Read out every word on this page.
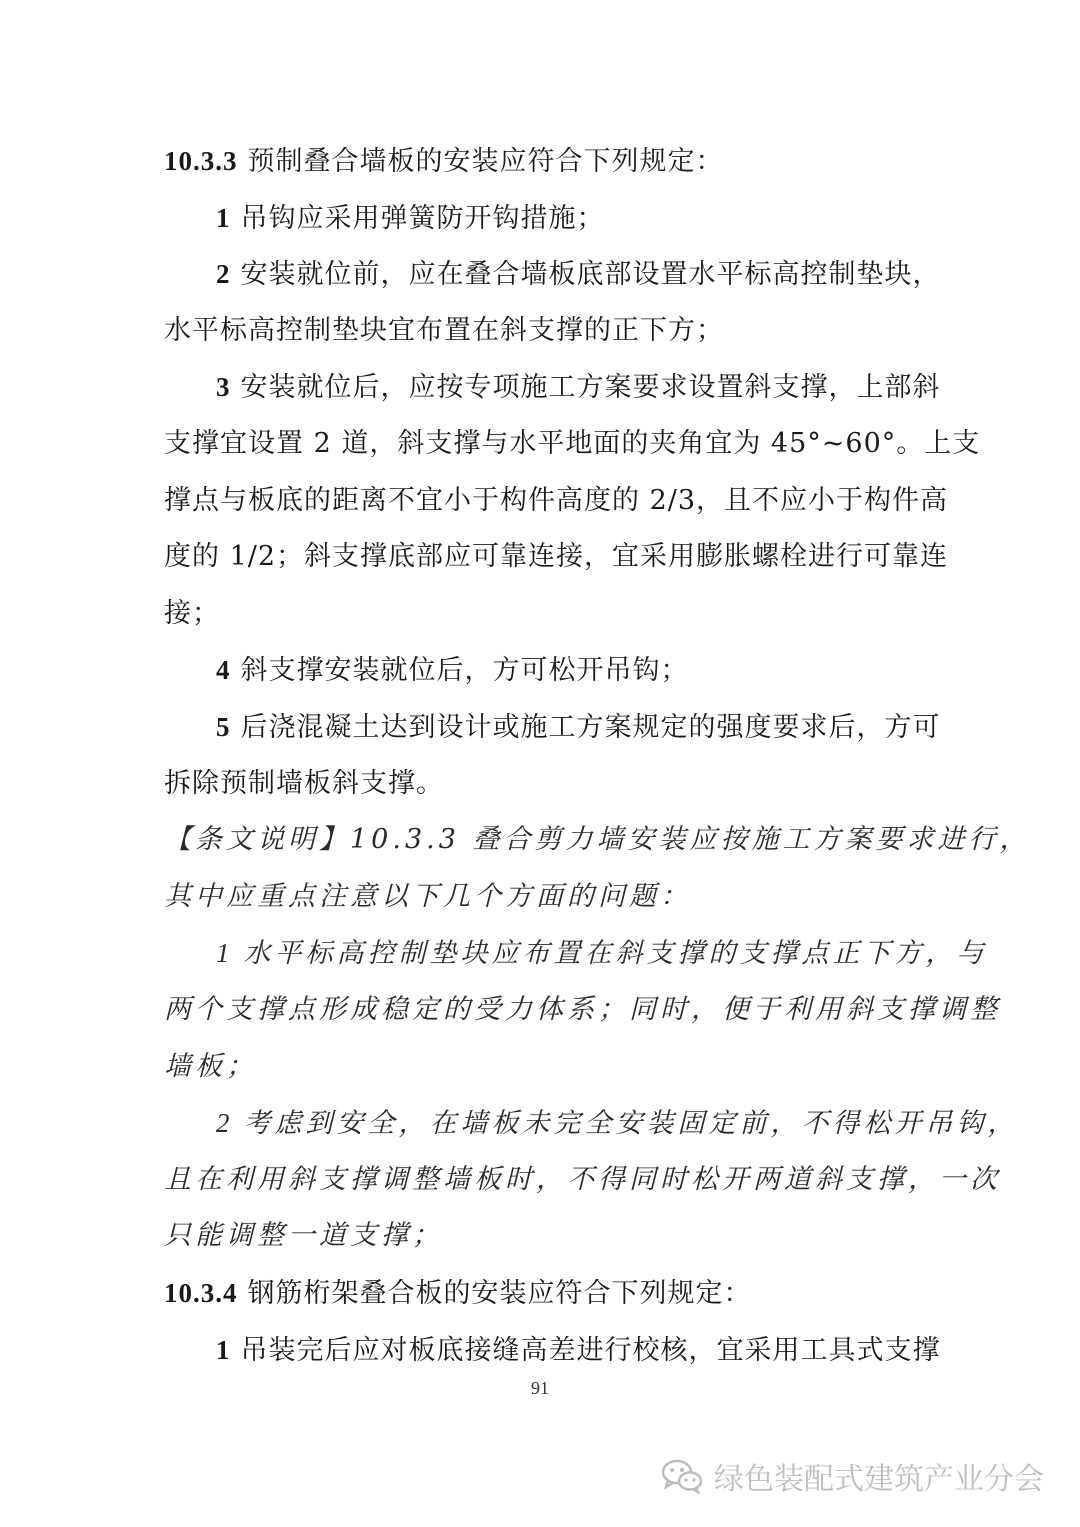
10.3.3 预制叠合墙板的安装应符合下列规定：
1 吊钩应采用弹簧防开钩措施；
2 安装就位前，应在叠合墙板底部设置水平标高控制垫块，
水平标高控制垫块宜布置在斜支撑的正下方；
3 安装就位后，应按专项施工方案要求设置斜支撑，上部斜
支撑宜设置 2 道，斜支撑与水平地面的夹角宜为 45°~60°。上支
撑点与板底的距离不宜小于构件高度的 2/3，且不应小于构件高
度的 1/2；斜支撑底部应可靠连接，宜采用膨胀螺栓进行可靠连
接；
4 斜支撑安装就位后，方可松开吊钩；
5 后浇混凝土达到设计或施工方案规定的强度要求后，方可
拆除预制墙板斜支撑。
【条文说明】10.3.3 叠合剪力墙安装应按施工方案要求进行，
其中应重点注意以下几个方面的问题：
1 水平标高控制垫块应布置在斜支撑的支撑点正下方，与
两个支撑点形成稳定的受力体系；同时，便于利用斜支撑调整
墙板；
2 考虑到安全，在墙板未完全安装固定前，不得松开吊钩，
且在利用斜支撑调整墙板时，不得同时松开两道斜支撑，一次
只能调整一道支撑；
10.3.4 钢筋桁架叠合板的安装应符合下列规定：
1 吊装完后应对板底接缝高差进行校核，宜采用工具式支撑
91
绿色装配式建筑产业分会
